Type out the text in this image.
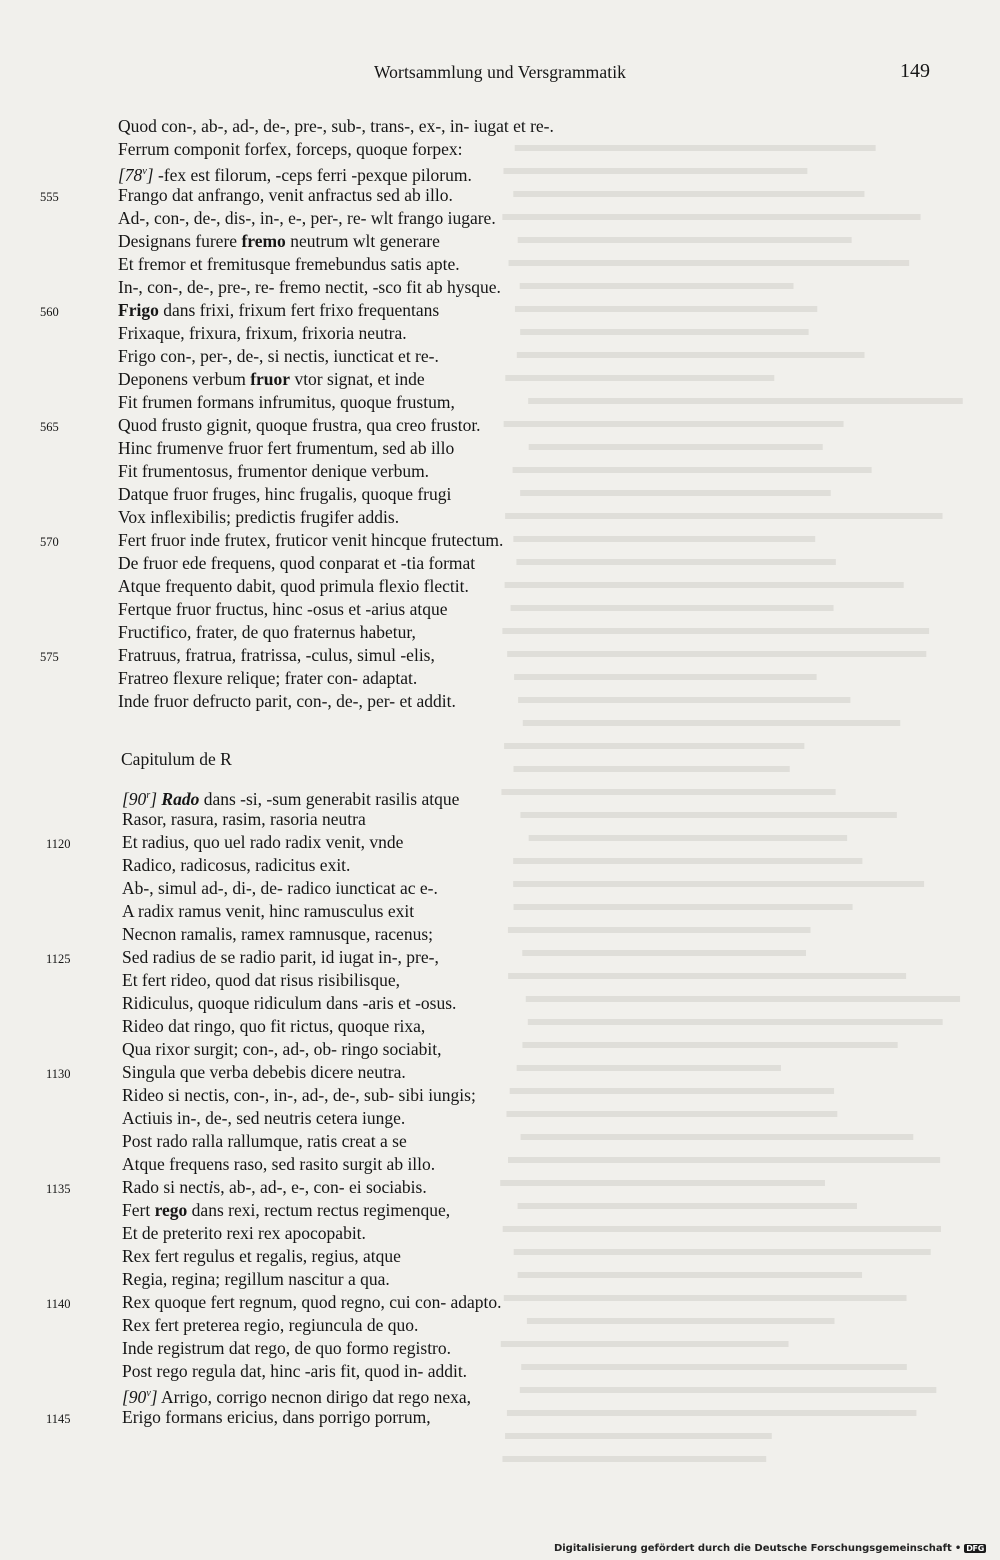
Wortsammlung und Versgrammatik	149
Quod con-, ab-, ad-, de-, pre-, sub-, trans-, ex-, in- iugat et re-.
Ferrum componit forfex, forceps, quoque forpex:
[78$^v$] -fex est filorum, -ceps ferri -pexque pilorum.
Frango dat anfrango, venit anfractus sed ab illo.
Ad-, con-, de-, dis-, in-, e-, per-, re- wlt frango iugare.
Designans furere fremo neutrum wlt generare
Et fremor et fremitusque fremebundus satis apte.
In-, con-, de-, pre-, re- fremo nectit, -sco fit ab hysque.
Frigo dans frixi, frixum fert frixo frequentans
Frixaque, frixura, frixum, frixoria neutra.
Frigo con-, per-, de-, si nectis, iuncticat et re-.
Deponens verbum fruor vtor signat, et inde
Fit frumen formans infrumitus, quoque frustum,
Quod frusto gignit, quoque frustra, qua creo frustor.
Hinc frumenve fruor fert frumentum, sed ab illo
Fit frumentosus, frumentor denique verbum.
Datque fruor fruges, hinc frugalis, quoque frugi
Vox inflexibilis; predictis frugifer addis.
Fert fruor inde frutex, fruticor venit hincque frutectum.
De fruor ede frequens, quod conparat et -tia format
Atque frequento dabit, quod primula flexio flectit.
Fertque fruor fructus, hinc -osus et -arius atque
Fructifico, frater, de quo fraternus habetur,
Fratruus, fratrua, fratrissa, -culus, simul -elis,
Fratreo flexure relique; frater con- adaptat.
Inde fruor defructo parit, con-, de-, per- et addit.
555
560
565
570
575
Capitulum de R
[90$^r$] Rado dans -si, -sum generabit rasilis atque
Rasor, rasura, rasim, rasoria neutra
Et radius, quo uel rado radix venit, vnde
Radico, radicosus, radicitus exit.
Ab-, simul ad-, di-, de- radico iuncticat ac e-.
A radix ramus venit, hinc ramusculus exit
Necnon ramalis, ramex ramnusque, racenus;
Sed radius de se radio parit, id iugat in-, pre-,
Et fert rideo, quod dat risus risibilisque,
Ridiculus, quoque ridiculum dans -aris et -osus.
Rideo dat ringo, quo fit rictus, quoque rixa,
Qua rixor surgit; con-, ad-, ob- ringo sociabit,
Singula que verba debebis dicere neutra.
Rideo si nectis, con-, in-, ad-, de-, sub- sibi iungis;
Actiuis in-, de-, sed neutris cetera iunge.
Post rado ralla rallumque, ratis creat a se
Atque frequens raso, sed rasito surgit ab illo.
Rado si nectis, ab-, ad-, e-, con- ei sociabis.
Fert rego dans rexi, rectum rectus regimenque,
Et de preterito rexi rex apocopabit.
Rex fert regulus et regalis, regius, atque
Regia, regina; regillum nascitur a qua.
Rex quoque fert regnum, quod regno, cui con- adapto.
Rex fert preterea regio, regiuncula de quo.
Inde registrum dat rego, de quo formo registro.
Post rego regula dat, hinc -aris fit, quod in- addit.
[90$^v$] Arrigo, corrigo necnon dirigo dat rego nexa,
Erigo formans ericius, dans porrigo porrum,
1120
1125
1130
1135
1140
1145
Digitalisierung gefördert durch die Deutsche Forschungsgemeinschaft • DFG
